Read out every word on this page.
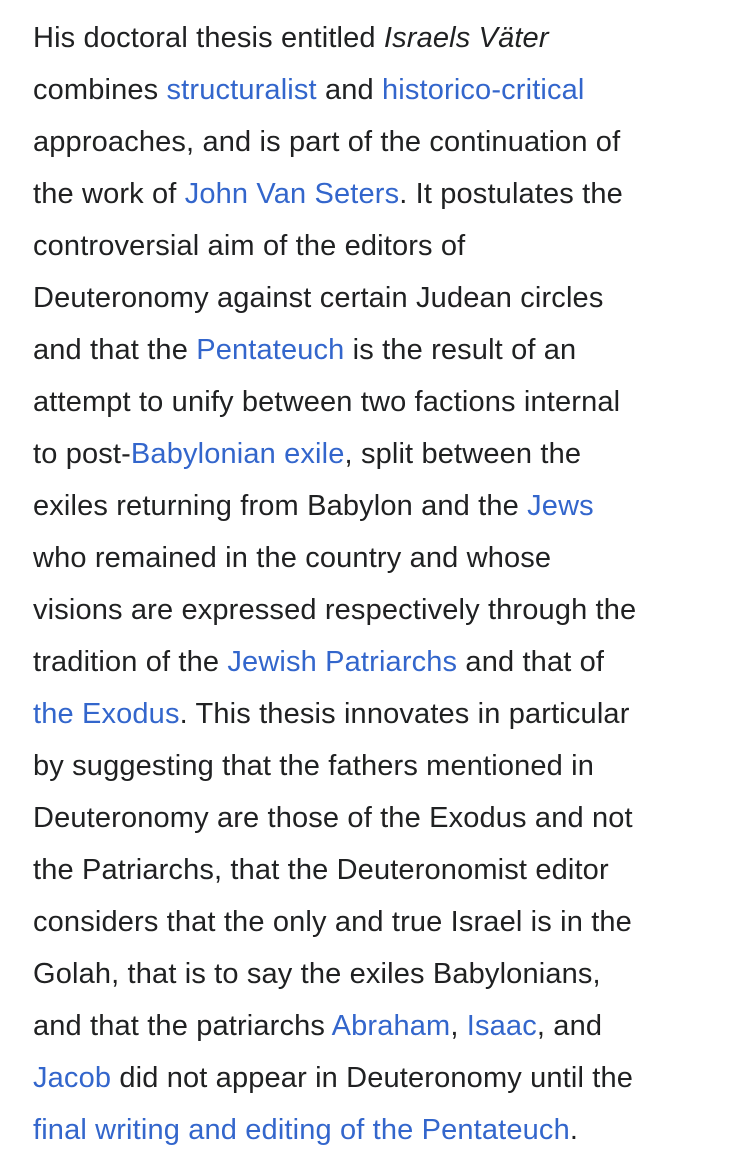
His doctoral thesis entitled Israels Väter
combines structuralist and historico-critical
approaches, and is part of the continuation of
the work of John Van Seters. It postulates the
controversial aim of the editors of
Deuteronomy against certain Judean circles
and that the Pentateuch is the result of an
attempt to unify between two factions internal
to post-Babylonian exile, split between the
exiles returning from Babylon and the Jews
who remained in the country and whose
visions are expressed respectively through the
tradition of the Jewish Patriarchs and that of
the Exodus. This thesis innovates in particular
by suggesting that the fathers mentioned in
Deuteronomy are those of the Exodus and not
the Patriarchs, that the Deuteronomist editor
considers that the only and true Israel is in the
Golah, that is to say the exiles Babylonians,
and that the patriarchs Abraham, Isaac, and
Jacob did not appear in Deuteronomy until the
final writing and editing of the Pentateuch.
